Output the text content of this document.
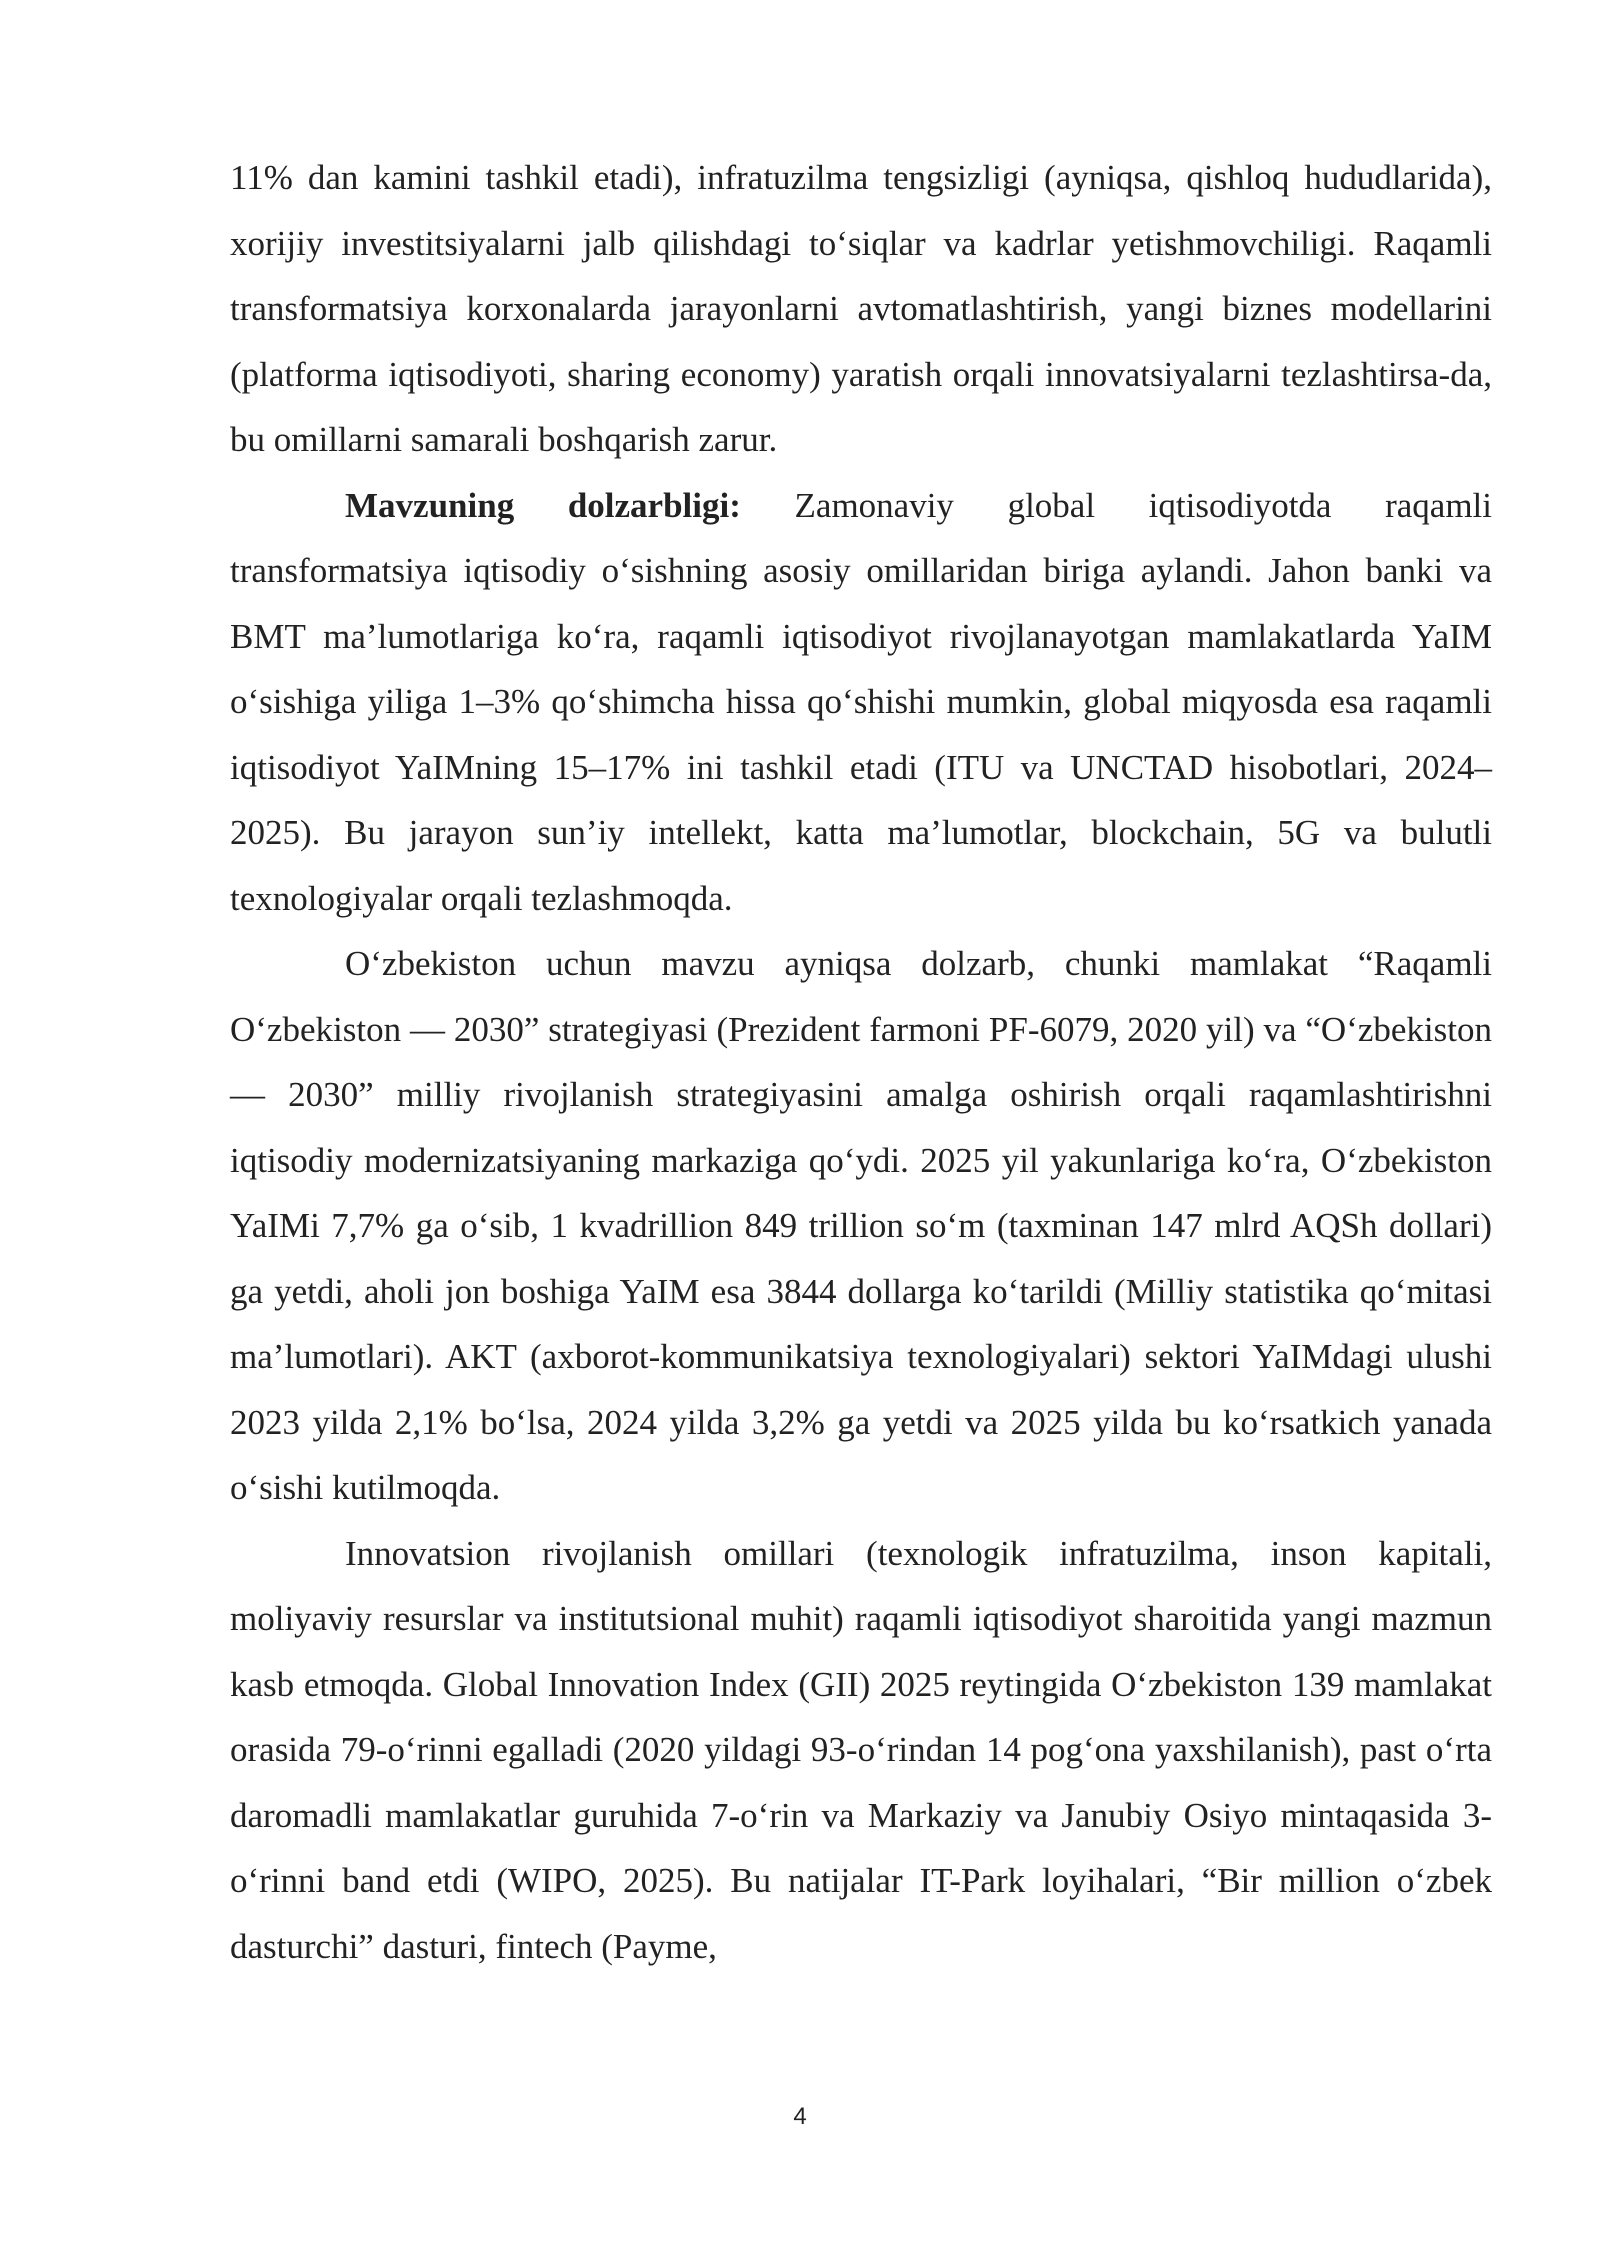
11% dan kamini tashkil etadi), infratuzilma tengsizligi (ayniqsa, qishloq hududlarida), xorijiy investitsiyalarni jalb qilishdagi to‘siqlar va kadrlar yetishmovchiligi. Raqamli transformatsiya korxonalarda jarayonlarni avtomatlashtirish, yangi biznes modellarini (platforma iqtisodiyoti, sharing economy) yaratish orqali innovatsiyalarni tezlashtirsa-da, bu omillarni samarali boshqarish zarur.

Mavzuning dolzarbligi: Zamonaviy global iqtisodiyotda raqamli transformatsiya iqtisodiy o‘sishning asosiy omillaridan biriga aylandi. Jahon banki va BMT ma’lumotlariga ko‘ra, raqamli iqtisodiyot rivojlanayotgan mamlakatlarda YaIM o‘sishiga yiliga 1–3% qo‘shimcha hissa qo‘shishi mumkin, global miqyosda esa raqamli iqtisodiyot YaIMning 15–17% ini tashkil etadi (ITU va UNCTAD hisobotlari, 2024–2025). Bu jarayon sun’iy intellekt, katta ma’lumotlar, blockchain, 5G va bulutli texnologiyalar orqali tezlashmoqda.

O‘zbekiston uchun mavzu ayniqsa dolzarb, chunki mamlakat “Raqamli O‘zbekiston — 2030” strategiyasi (Prezident farmoni PF-6079, 2020 yil) va “O‘zbekiston — 2030” milliy rivojlanish strategiyasini amalga oshirish orqali raqamlashtirishni iqtisodiy modernizatsiyaning markaziga qo‘ydi. 2025 yil yakunlariga ko‘ra, O‘zbekiston YaIMi 7,7% ga o‘sib, 1 kvadrillion 849 trillion so‘m (taxminan 147 mlrd AQSh dollari) ga yetdi, aholi jon boshiga YaIM esa 3844 dollarga ko‘tarildi (Milliy statistika qo‘mitasi ma’lumotlari). AKT (axborot-kommunikatsiya texnologiyalari) sektori YaIMdagi ulushi 2023 yilda 2,1% bo‘lsa, 2024 yilda 3,2% ga yetdi va 2025 yilda bu ko‘rsatkich yanada o‘sishi kutilmoqda.

Innovatsion rivojlanish omillari (texnologik infratuzilma, inson kapitali, moliyaviy resurslar va institutsional muhit) raqamli iqtisodiyot sharoitida yangi mazmun kasb etmoqda. Global Innovation Index (GII) 2025 reytingida O‘zbekiston 139 mamlakat orasida 79-o‘rinni egalladi (2020 yildagi 93-o‘rindan 14 pog‘ona yaxshilanish), past o‘rta daromadli mamlakatlar guruhida 7-o‘rin va Markaziy va Janubiy Osiyo mintaqasida 3-o‘rinni band etdi (WIPO, 2025). Bu natijalar IT-Park loyihalari, “Bir million o‘zbek dasturchi” dasturi, fintech (Payme,

4
